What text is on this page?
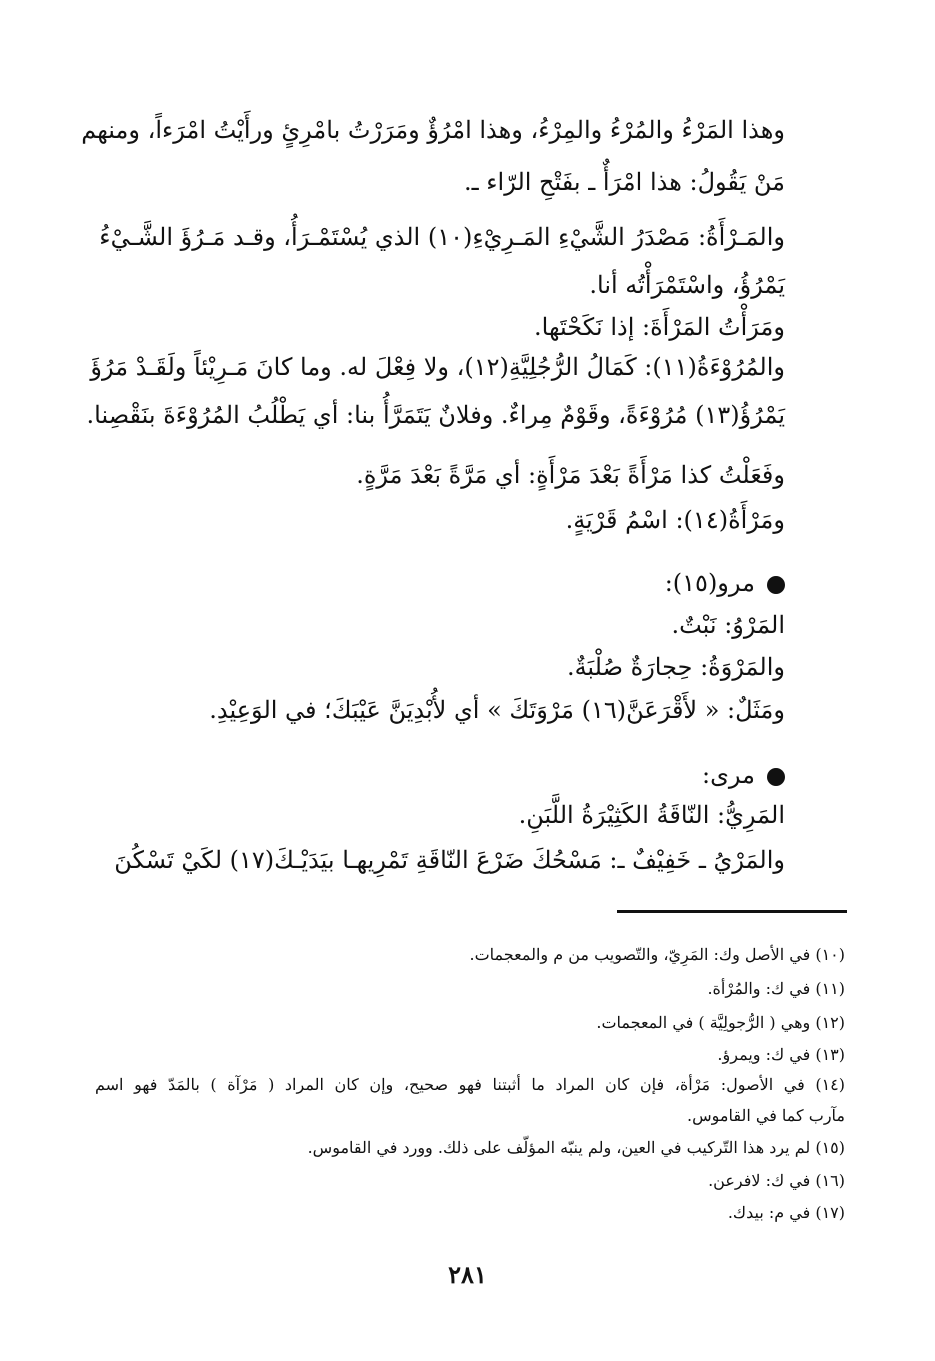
وهذا المَرْءُ والمُرْءُ والمِرْءُ، وهذا امْرُؤٌ ومَرَرْتُ بامْرِئٍ ورأَيْتُ امْرَءاً، ومنهم
مَنْ يَقُولُ: هذا امْرَأٌ ـ بفَتْحِ الرّاء ـ.
والمَـرْأَةُ: مَصْدَرُ الشَّيْءِ المَـرِيْءِ(١٠) الذي يُسْتَمْـرَأُ، وقـد مَـرُؤَ الشَّـيْءُ
يَمْرُؤُ، واسْتَمْرَأْتُه أنا.
ومَرَأْتُ المَرْأَةَ: إذا نَكَحْتَها.
والمُرُوْءَةُ(١١): كَمَالُ الرُّجُلِيَّةِ(١٢)، ولا فِعْلَ له. وما كانَ مَـرِيْئاً ولَقَـدْ مَرُؤَ
يَمْرُؤُ(١٣) مُرُوْءَةً، وقَوْمٌ مِراءٌ. وفلانٌ يَتَمَرَّأُ بنا: أي يَطْلُبُ المُرُوْءَةَ بنَقْصِنا.
وفَعَلْتُ كذا مَرْأَةً بَعْدَ مَرْأَةٍ: أي مَرَّةً بَعْدَ مَرَّةٍ.
ومَرْأَةُ(١٤): اسْمُ قَرْيَةٍ.
مرو(١٥):
المَرْوُ: نَبْتٌ.
والمَرْوَةُ: حِجارَةٌ صُلْبَةٌ.
ومَثَلٌ: « لأَقْرَعَنَّ(١٦) مَرْوَتَكَ » أي لأُبْدِيَنَّ عَيْبَكَ؛ في الوَعِيْدِ.
مرى:
المَرِيُّ: النّاقَةُ الكَثِيْرَةُ اللَّبَنِ.
والمَرْيُ ـ خَفِيْفٌ ـ: مَسْحُكَ ضَرْعَ النّاقَةِ تَمْرِيهـا بيَدَيْـكَ(١٧) لكَيْ تَسْكُنَ
(١٠) في الأصل وك: المَرِيّ، والتّصويب من م والمعجمات.
(١١) في ك: والمُرْأة.
(١٢) وهي ( الرُّجولِيَّة ) في المعجمات.
(١٣) في ك: ويمرؤ.
(١٤) في الأصول: مَرْأة، فإن كان المراد ما أثبتنا فهو صحيح، وإن كان المراد ( مَرْآة ) بالمَدّ فهو اسم
مآرب كما في القاموس.
(١٥) لم يرد هذا التّركيب في العين، ولم ينبّه المؤلّف على ذلك. وورد في القاموس.
(١٦) في ك: لافرعن.
(١٧) في م: بيدك.
٢٨١
